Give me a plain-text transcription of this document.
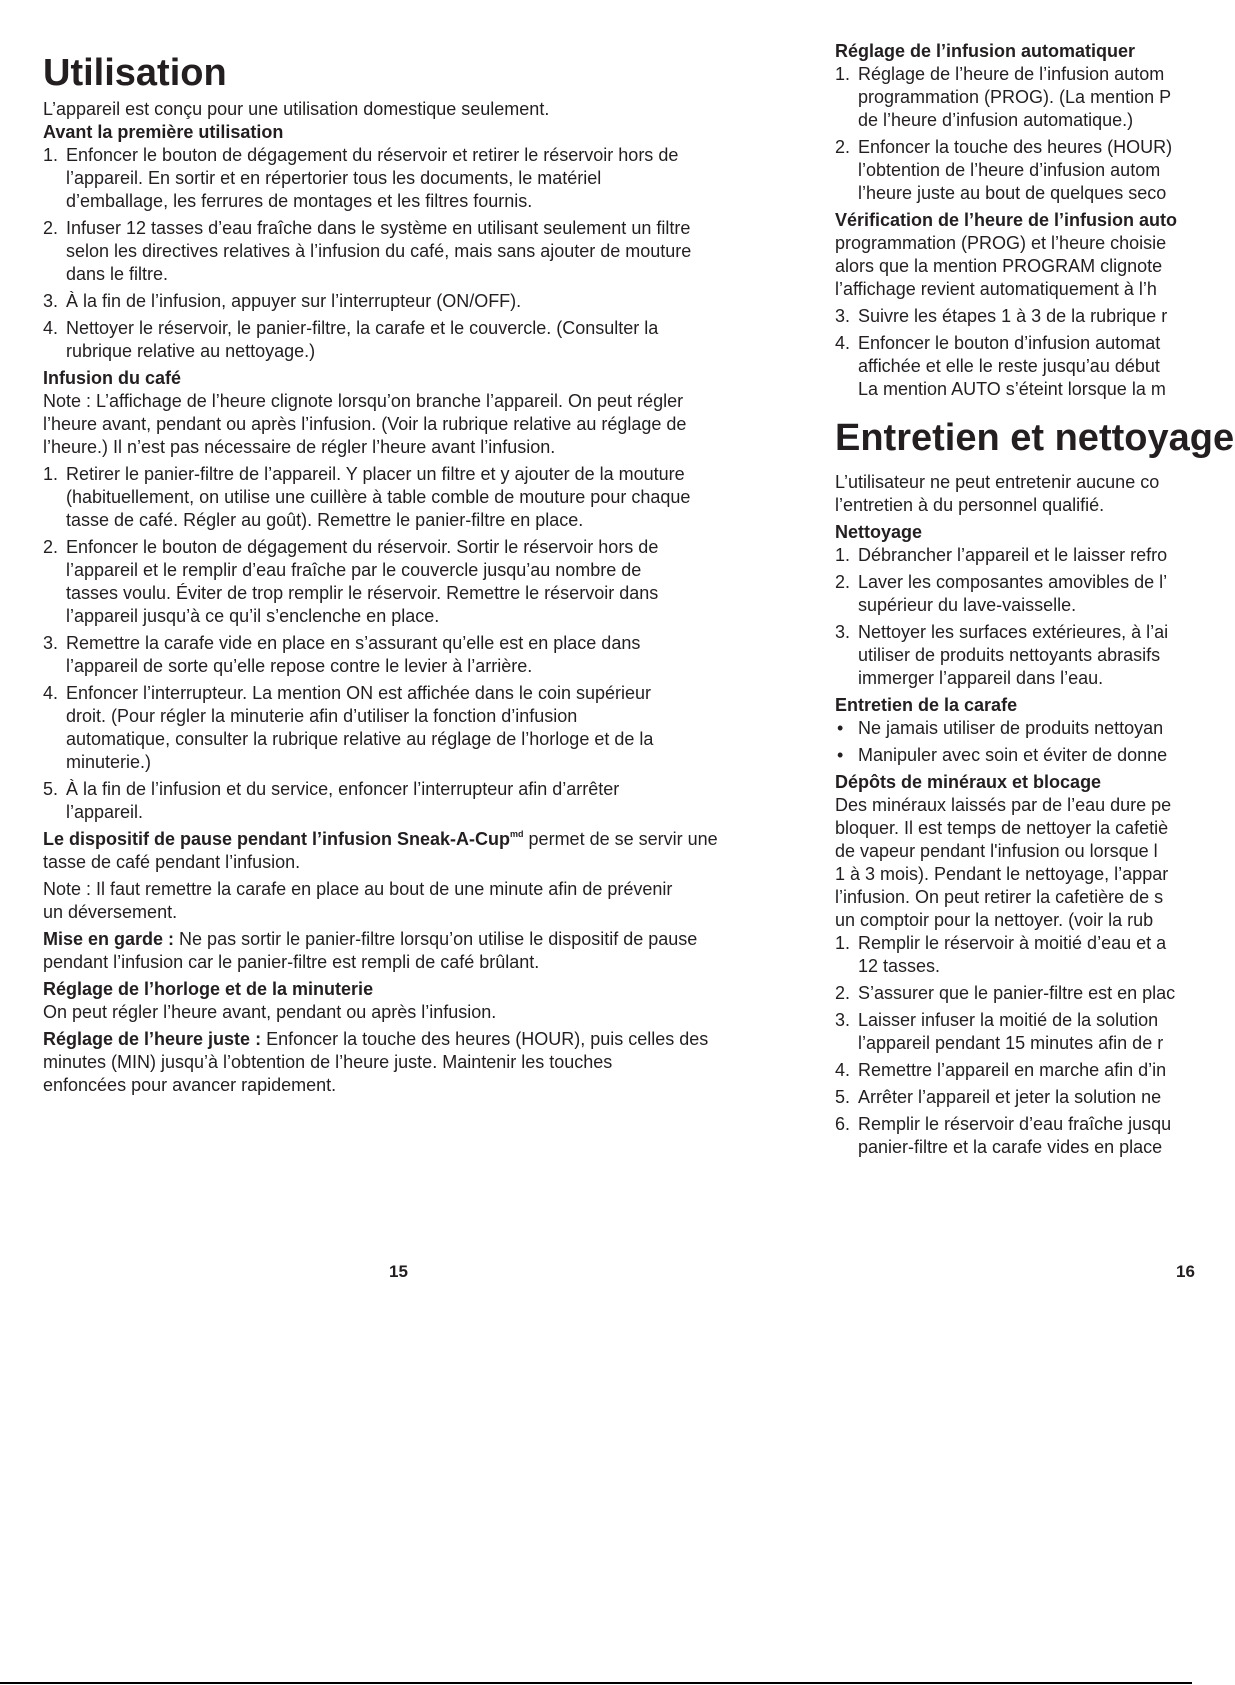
Utilisation
L’appareil est conçu pour une utilisation domestique seulement.
Avant la première utilisation
1. Enfoncer le bouton de dégagement du réservoir et retirer le réservoir hors de
l’appareil. En sortir et en répertorier tous les documents, le matériel
d’emballage, les ferrures de montages et les filtres fournis.
2. Infuser 12 tasses d’eau fraîche dans le système en utilisant seulement un filtre
selon les directives relatives à l’infusion du café, mais sans ajouter de mouture
dans le filtre.
3. À la fin de l’infusion, appuyer sur l’interrupteur (ON/OFF).
4. Nettoyer le réservoir, le panier-filtre, la carafe et le couvercle. (Consulter la
rubrique relative au nettoyage.)
Infusion du café
Note : L’affichage de l’heure clignote lorsqu’on branche l’appareil. On peut régler
l’heure avant, pendant ou après l’infusion. (Voir la rubrique relative au réglage de
l’heure.) Il n’est pas nécessaire de régler l’heure avant l’infusion.
1. Retirer le panier-filtre de l’appareil. Y placer un filtre et y ajouter de la mouture
(habituellement, on utilise une cuillère à table comble de mouture pour chaque
tasse de café. Régler au goût). Remettre le panier-filtre en place.
2. Enfoncer le bouton de dégagement du réservoir. Sortir le réservoir hors de
l’appareil et le remplir d’eau fraîche par le couvercle jusqu’au nombre de
tasses voulu. Éviter de trop remplir le réservoir. Remettre le réservoir dans
l’appareil jusqu’à ce qu’il s’enclenche en place.
3. Remettre la carafe vide en place en s’assurant qu’elle est en place dans
l’appareil de sorte qu’elle repose contre le levier à l’arrière.
4. Enfoncer l’interrupteur. La mention ON est affichée dans le coin supérieur
droit. (Pour régler la minuterie afin d’utiliser la fonction d’infusion
automatique, consulter la rubrique relative au réglage de l’horloge et de la
minuterie.)
5. À la fin de l’infusion et du service, enfoncer l’interrupteur afin d’arrêter
l’appareil.
Le dispositif de pause pendant l’infusion Sneak-A-Cup$^{md}$ permet de se servir une
tasse de café pendant l’infusion.
Note : Il faut remettre la carafe en place au bout de une minute afin de prévenir
un déversement.
Mise en garde : Ne pas sortir le panier-filtre lorsqu’on utilise le dispositif de pause
pendant l’infusion car le panier-filtre est rempli de café brûlant.
Réglage de l’horloge et de la minuterie
On peut régler l’heure avant, pendant ou après l’infusion.
Réglage de l’heure juste : Enfoncer la touche des heures (HOUR), puis celles des
minutes (MIN) jusqu’à l’obtention de l’heure juste. Maintenir les touches
enfoncées pour avancer rapidement.
Réglage de l’infusion automatiquer
1. Réglage de l’heure de l’infusion autom
programmation (PROG). (La mention P
de l’heure d’infusion automatique.)
2. Enfoncer la touche des heures (HOUR)
l’obtention de l’heure d’infusion autom
l’heure juste au bout de quelques seco
Vérification de l’heure de l’infusion auto
programmation (PROG) et l’heure choisie
alors que la mention PROGRAM clignote
l’affichage revient automatiquement à l’h
3. Suivre les étapes 1 à 3 de la rubrique r
4. Enfoncer le bouton d’infusion automat
affichée et elle le reste jusqu’au début
La mention AUTO s’éteint lorsque la m
Entretien et nettoyage
L’utilisateur ne peut entretenir aucune co
l’entretien à du personnel qualifié.
Nettoyage
1. Débrancher l’appareil et le laisser refro
2. Laver les composantes amovibles de l’
supérieur du lave-vaisselle.
3. Nettoyer les surfaces extérieures, à l’ai
utiliser de produits nettoyants abrasifs
immerger l’appareil dans l’eau.
Entretien de la carafe
• Ne jamais utiliser de produits nettoyan
• Manipuler avec soin et éviter de donne
Dépôts de minéraux et blocage
Des minéraux laissés par de l’eau dure pe
bloquer. Il est temps de nettoyer la cafetiè
de vapeur pendant l'infusion ou lorsque l
1 à 3 mois). Pendant le nettoyage, l’appar
l’infusion. On peut retirer la cafetière de s
un comptoir pour la nettoyer. (voir la rub
1. Remplir le réservoir à moitié d’eau et a
12 tasses.
2. S’assurer que le panier-filtre est en plac
3. Laisser infuser la moitié de la solution
l’appareil pendant 15 minutes afin de r
4. Remettre l’appareil en marche afin d’in
5. Arrêter l’appareil et jeter la solution ne
6. Remplir le réservoir d’eau fraîche jusqu
panier-filtre et la carafe vides en place
15	16
